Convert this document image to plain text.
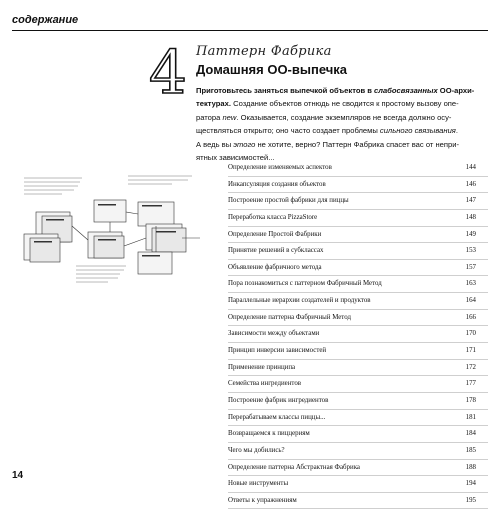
содержание
4 Паттерн Фабрика
Домашняя ОО-выпечка
Приготовьтесь заняться выпечкой объектов в слабосвязанных ОО-архи-
тектурах. Создание объектов отнюдь не сводится к простому вызову опе-
ратора new. Оказывается, создание экземпляров не всегда должно осу-
ществляться открыто; оно часто создает проблемы сильного связывания.
А ведь вы этого не хотите, верно? Паттерн Фабрика спасет вас от непри-
ятных зависимостей...
Определение изменяемых аспектов	144
Инкапсуляция создания объектов	146
Построение простой фабрики для пиццы	147
Переработка класса PizzaStore	148
Определение Простой Фабрики	149
Принятие решений в субклассах	153
Объявление фабричного метода	157
Пора познакомиться с паттерном Фабричный Метод	163
Параллельные иерархии создателей и продуктов	164
Определение паттерна Фабричный Метод	166
Зависимости между объектами	170
Принцип инверсии зависимостей	171
Применение принципа	172
Семейства ингредиентов	177
Построение фабрик ингредиентов	178
Перерабатываем классы пиццы...	181
Возвращаемся к пиццериям	184
Чего мы добились?	185
Определение паттерна Абстрактная Фабрика	188
Новые инструменты	194
Ответы к упражнениям	195
14
